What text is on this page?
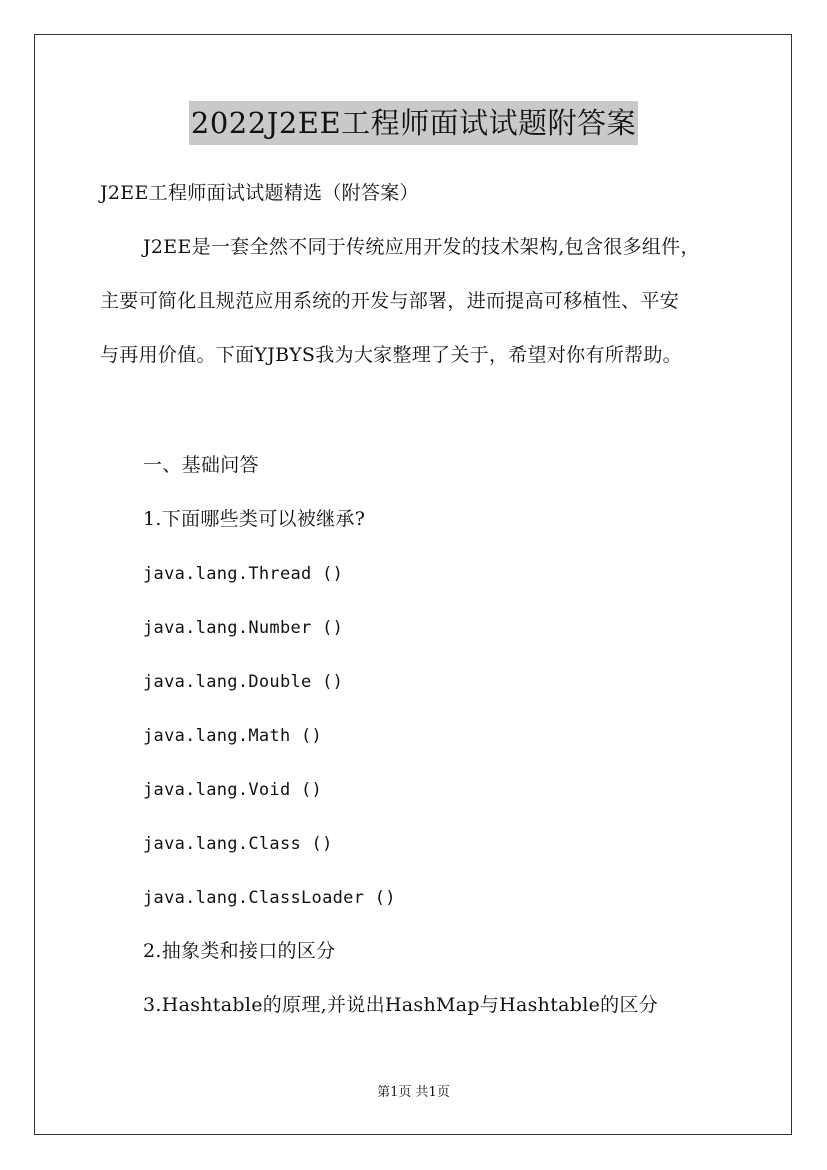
2022J2EE工程师面试试题附答案
J2EE工程师面试试题精选（附答案）
J2EE是一套全然不同于传统应用开发的技术架构,包含很多组件，
主要可简化且规范应用系统的开发与部署，进而提高可移植性、平安
与再用价值。下面YJBYS我为大家整理了关于，希望对你有所帮助。
一、基础问答
1.下面哪些类可以被继承?
java.lang.Thread ()
java.lang.Number ()
java.lang.Double ()
java.lang.Math ()
java.lang.Void ()
java.lang.Class ()
java.lang.ClassLoader ()
2.抽象类和接口的区分
3.Hashtable的原理,并说出HashMap与Hashtable的区分
第1页 共1页
